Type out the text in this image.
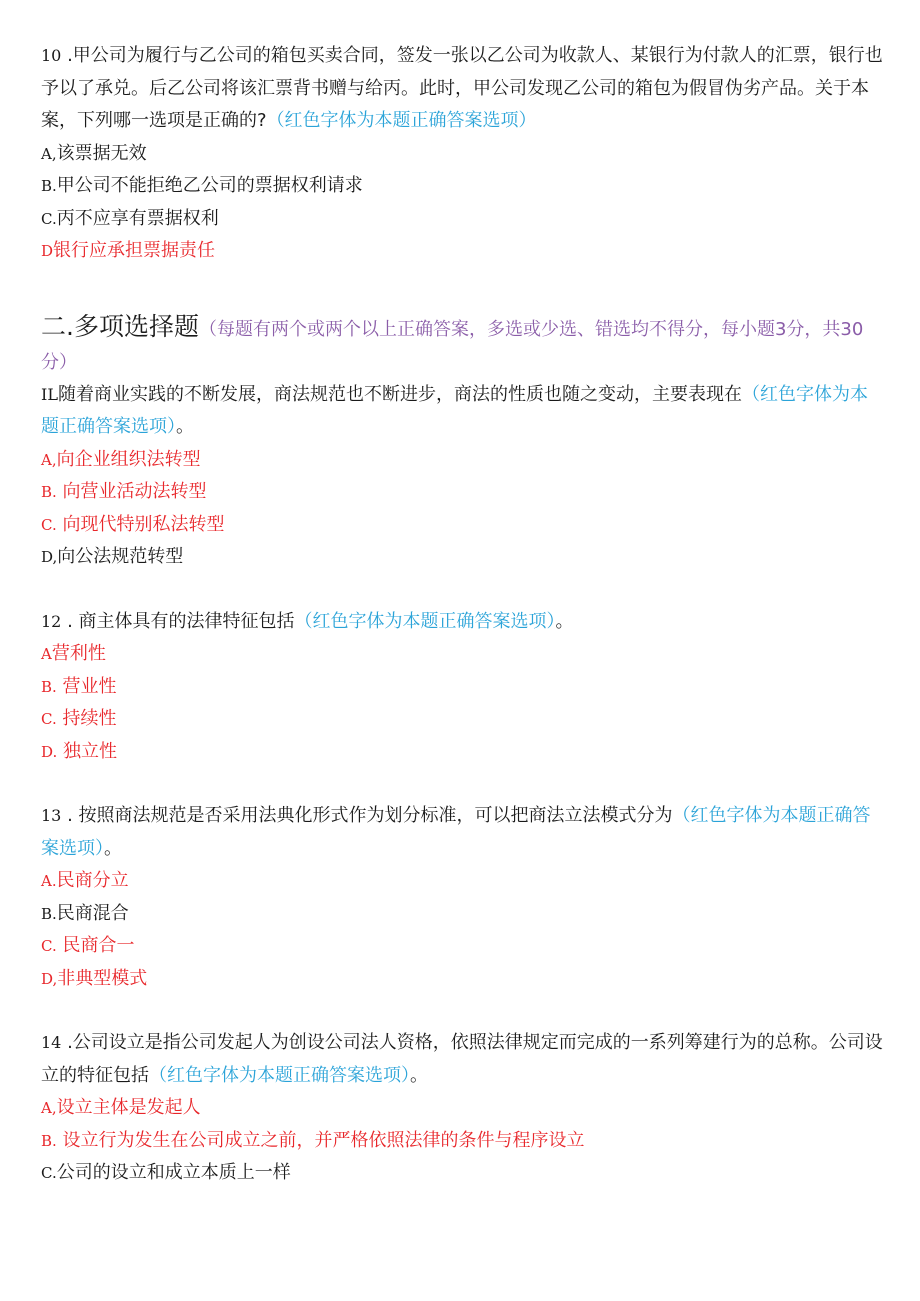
10 .甲公司为履行与乙公司的箱包买卖合同，签发一张以乙公司为收款人、某银行为付款人的汇票，银行也予以了承兑。后乙公司将该汇票背书赠与给丙。此时，甲公司发现乙公司的箱包为假冒伪劣产品。关于本案，下列哪一选项是正确的?（红色字体为本题正确答案选项）

A,该票据无效

B.甲公司不能拒绝乙公司的票据权利请求

C.丙不应享有票据权利

D银行应承担票据责任

二.多项选择题（每题有两个或两个以上正确答案，多选或少选、错选均不得分，每小题3分，共30分）

IL随着商业实践的不断发展，商法规范也不断进步，商法的性质也随之变动，主要表现在（红色字体为本题正确答案选项）。

A,向企业组织法转型

B. 向营业活动法转型

C. 向现代特别私法转型

D,向公法规范转型

12 . 商主体具有的法律特征包括（红色字体为本题正确答案选项）。

A营利性

B. 营业性

C. 持续性

D. 独立性

13 . 按照商法规范是否采用法典化形式作为划分标准，可以把商法立法模式分为（红色字体为本题正确答案选项）。

A.民商分立

B.民商混合

C. 民商合一

D,非典型模式

14 .公司设立是指公司发起人为创设公司法人资格，依照法律规定而完成的一系列筹建行为的总称。公司设立的特征包括（红色字体为本题正确答案选项）。

A,设立主体是发起人

B. 设立行为发生在公司成立之前，并严格依照法律的条件与程序设立

C.公司的设立和成立本质上一样
